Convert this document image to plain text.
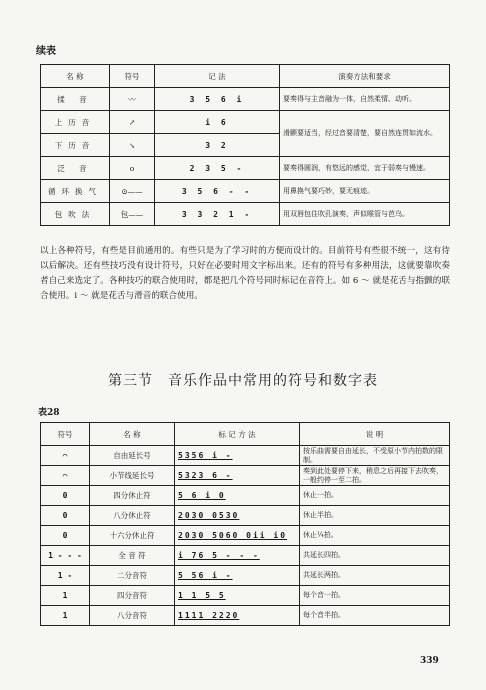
续表
名 称	符号	记 法	演奏方法和要求
揉 音	〰	3 5 6 i	要奏得与主音融为一体，自然柔情、动听。
上历音	↗	i 6	滑颤要适当，经过音要清楚，要自然连贯如流水。
下历音	↘	3 2	
泛 音	o	2 3 5 -	要奏得圆润，有悠远的感觉，宜于弱奏与慢速。
循环换气	⊙——	3 5 6 - -	用鼻换气要巧妙，要无痕迹。
包吹法	包——	3 3 2 1 -	用双唇包住吹孔演奏，声似喉管与芭乌。
以上各种符号，有些是目前通用的。有些只是为了学习时的方便而设计的。目前符号有些很不统一，这有待以后解决。还有些技巧没有设计符号，只好在必要时用文字标出来。还有的符号有多种用法，这就要靠吹奏者自己来选定了。各种技巧的联合使用时，都是把几个符号同时标记在音符上。如 6 ～ 就是花舌与指颤的联合使用。i ～ 就是花舌与滑音的联合使用。
第三节　音乐作品中常用的符号和数字表
表28
符号	名 称	标 记 方 法	说 明
⌒	自由延长号	5356 i -	按乐曲需要自由延长，不受原小节内拍数的限制。
⌒	小节线延长号	5323 6 -	奏到此处要停下来，稍息之后再接下去吹奏，一般约停一至二拍。
0	四分休止符	5 6 i 0	休止一拍。
0	八分休止符	2030 0530	休止半拍。
0	十六分休止符	2030 5060 0ii i0	休止¼拍。
1 - - -	全 音 符	i 76 5 - - -	共延长四拍。
1 -	二分音符	5 56 i -	共延长两拍。
1	四分音符	1 1 5 5	每个音一拍。
1	八分音符	1111 2220	每个音半拍。
339
